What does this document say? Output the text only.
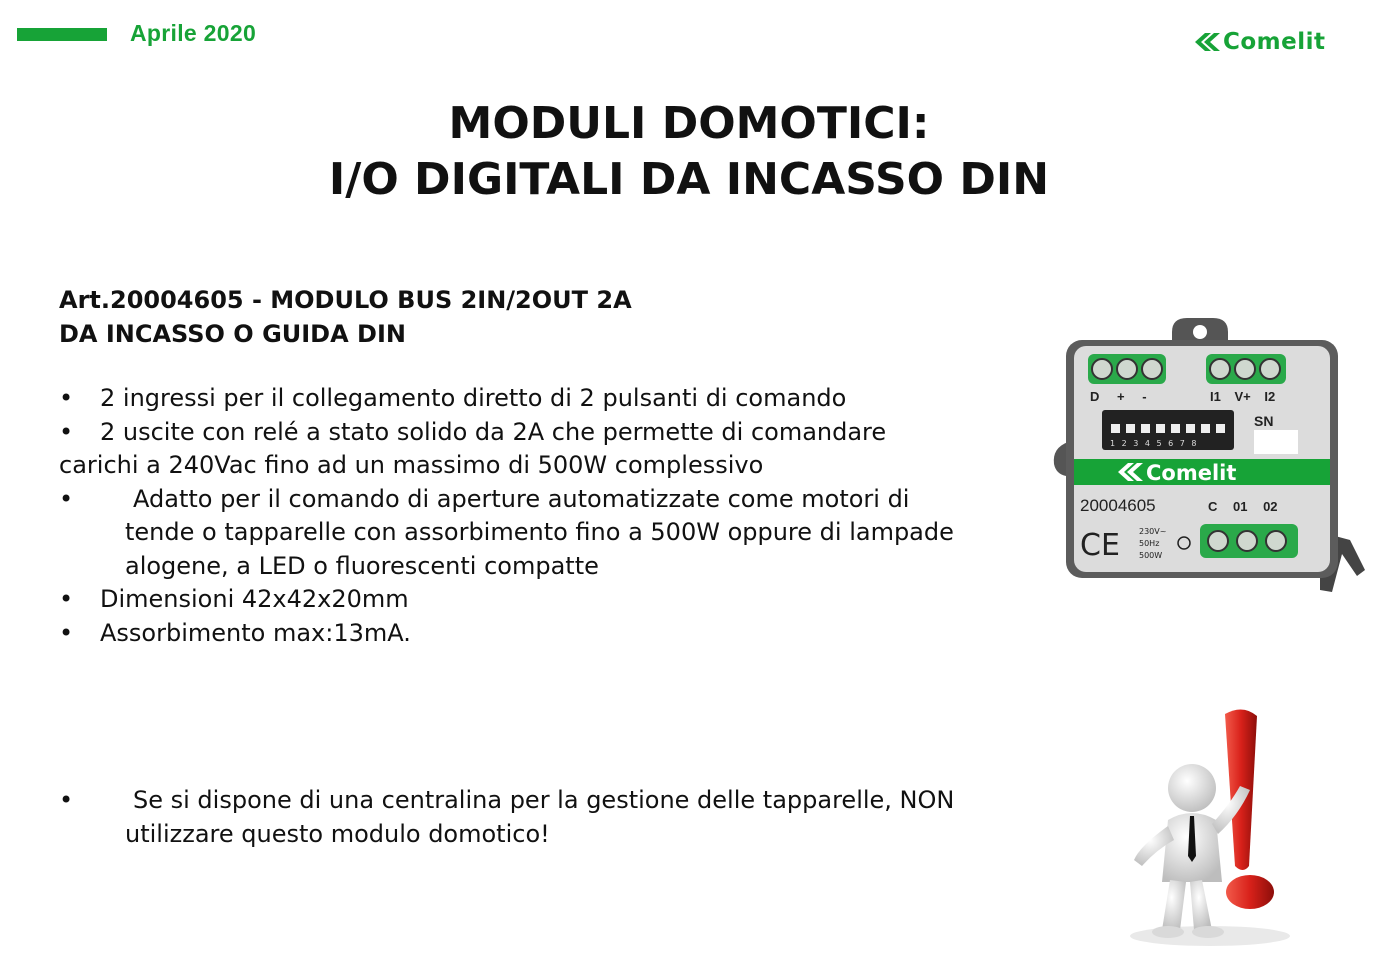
Aprile 2020	Comelit
MODULI DOMOTICI:
I/O DIGITALI DA INCASSO DIN
Art.20004605 - MODULO BUS 2IN/2OUT 2A
DA INCASSO O GUIDA DIN
• 2 ingressi per il collegamento diretto di 2 pulsanti di comando
•	2 uscite con relé a stato solido da 2A che permette di comandare
carichi a 240Vac fino ad un massimo di 500W complessivo
• Adatto per il comando di aperture automatizzate come motori di
tende o tapparelle con assorbimento fino a 500W oppure di lampade
alogene, a LED o fluorescenti compatte
• Dimensioni 42x42x20mm
• Assorbimento max:13mA.
• Se si dispone di una centralina per la gestione delle tapparelle, NON
utilizzare questo modulo domotico!
D + -	I1 V+ I2
1 2 3 4 5 6 7 8
SN
Comelit
20004605	C 01 02
CE 230V~
50Hz
500W
